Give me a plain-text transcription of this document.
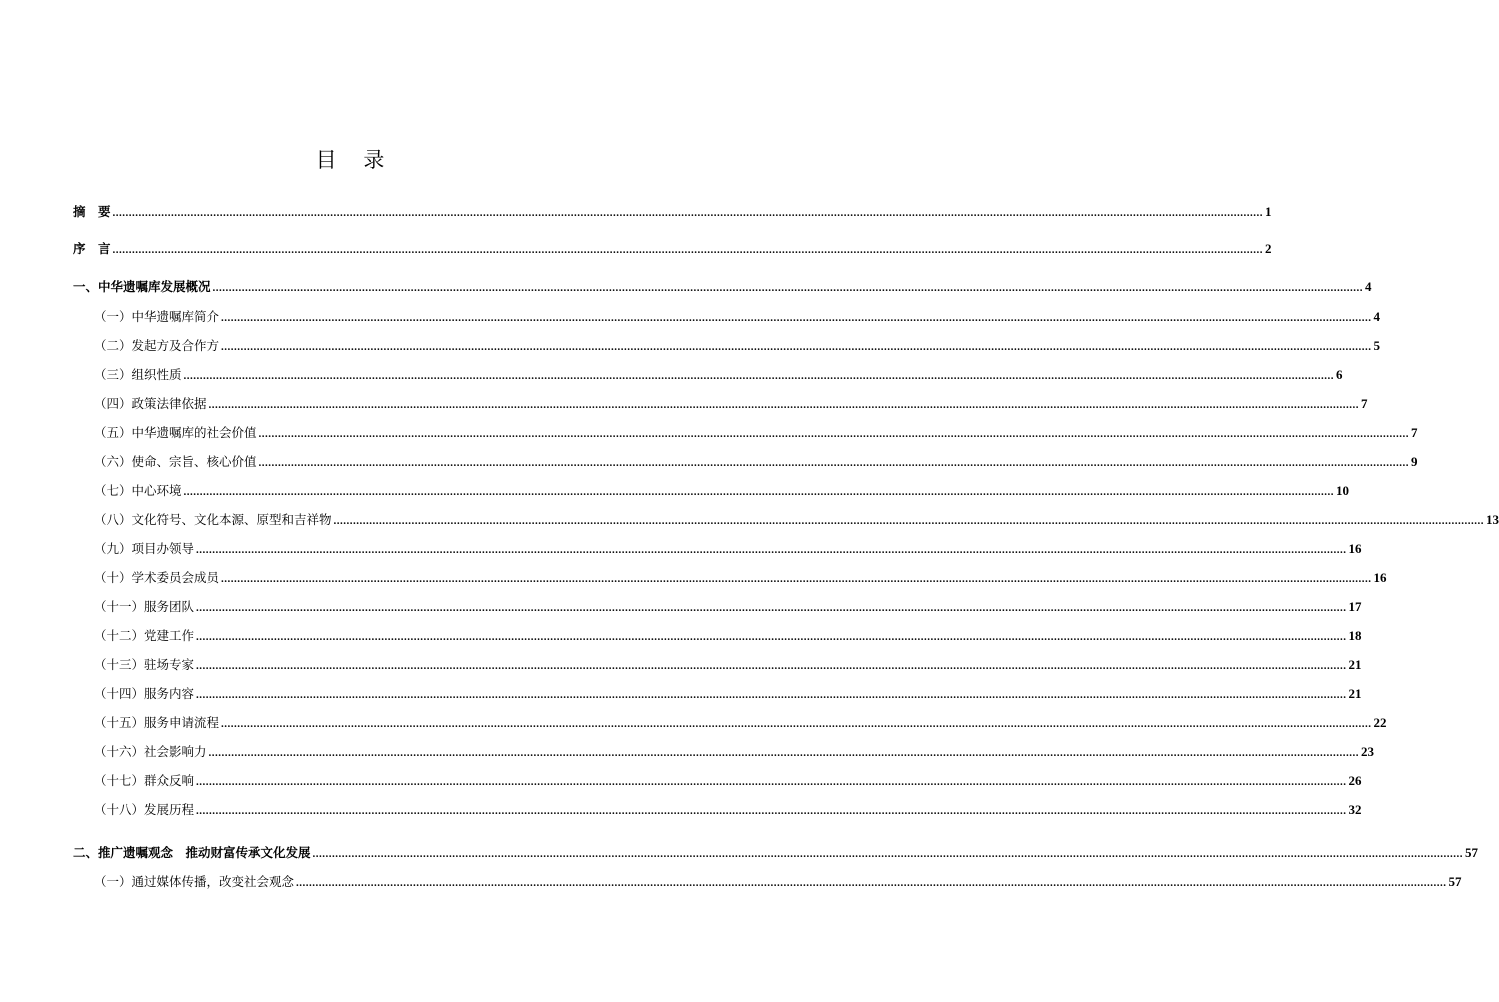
目 录
摘　要 .................................................................................................................................................................................................................................................................................................................................................................. 1
序　言 .................................................................................................................................................................................................................................................................................................................................................................. 2
一、中华遗嘱库发展概况 .................................................................................................................................................................................................................................................................................................................................................................. 4
（一）中华遗嘱库简介 .................................................................................................................................................................................................................................................................................................................................................................. 4
（二）发起方及合作方 .................................................................................................................................................................................................................................................................................................................................................................. 5
（三）组织性质 .................................................................................................................................................................................................................................................................................................................................................................. 6
（四）政策法律依据 .................................................................................................................................................................................................................................................................................................................................................................. 7
（五）中华遗嘱库的社会价值 .................................................................................................................................................................................................................................................................................................................................................................. 7
（六）使命、宗旨、核心价值 .................................................................................................................................................................................................................................................................................................................................................................. 9
（七）中心环境 .................................................................................................................................................................................................................................................................................................................................................................. 10
（八）文化符号、文化本源、原型和吉祥物 .................................................................................................................................................................................................................................................................................................................................................................. 13
（九）项目办领导 .................................................................................................................................................................................................................................................................................................................................................................. 16
（十）学术委员会成员 .................................................................................................................................................................................................................................................................................................................................................................. 16
（十一）服务团队 .................................................................................................................................................................................................................................................................................................................................................................. 17
（十二）党建工作 .................................................................................................................................................................................................................................................................................................................................................................. 18
（十三）驻场专家 .................................................................................................................................................................................................................................................................................................................................................................. 21
（十四）服务内容 .................................................................................................................................................................................................................................................................................................................................................................. 21
（十五）服务申请流程 .................................................................................................................................................................................................................................................................................................................................................................. 22
（十六）社会影响力 .................................................................................................................................................................................................................................................................................................................................................................. 23
（十七）群众反响 .................................................................................................................................................................................................................................................................................................................................................................. 26
（十八）发展历程 .................................................................................................................................................................................................................................................................................................................................................................. 32
二、推广遗嘱观念　推动财富传承文化发展 .................................................................................................................................................................................................................................................................................................................................................................. 57
（一）通过媒体传播，改变社会观念 .................................................................................................................................................................................................................................................................................................................................................................. 57
